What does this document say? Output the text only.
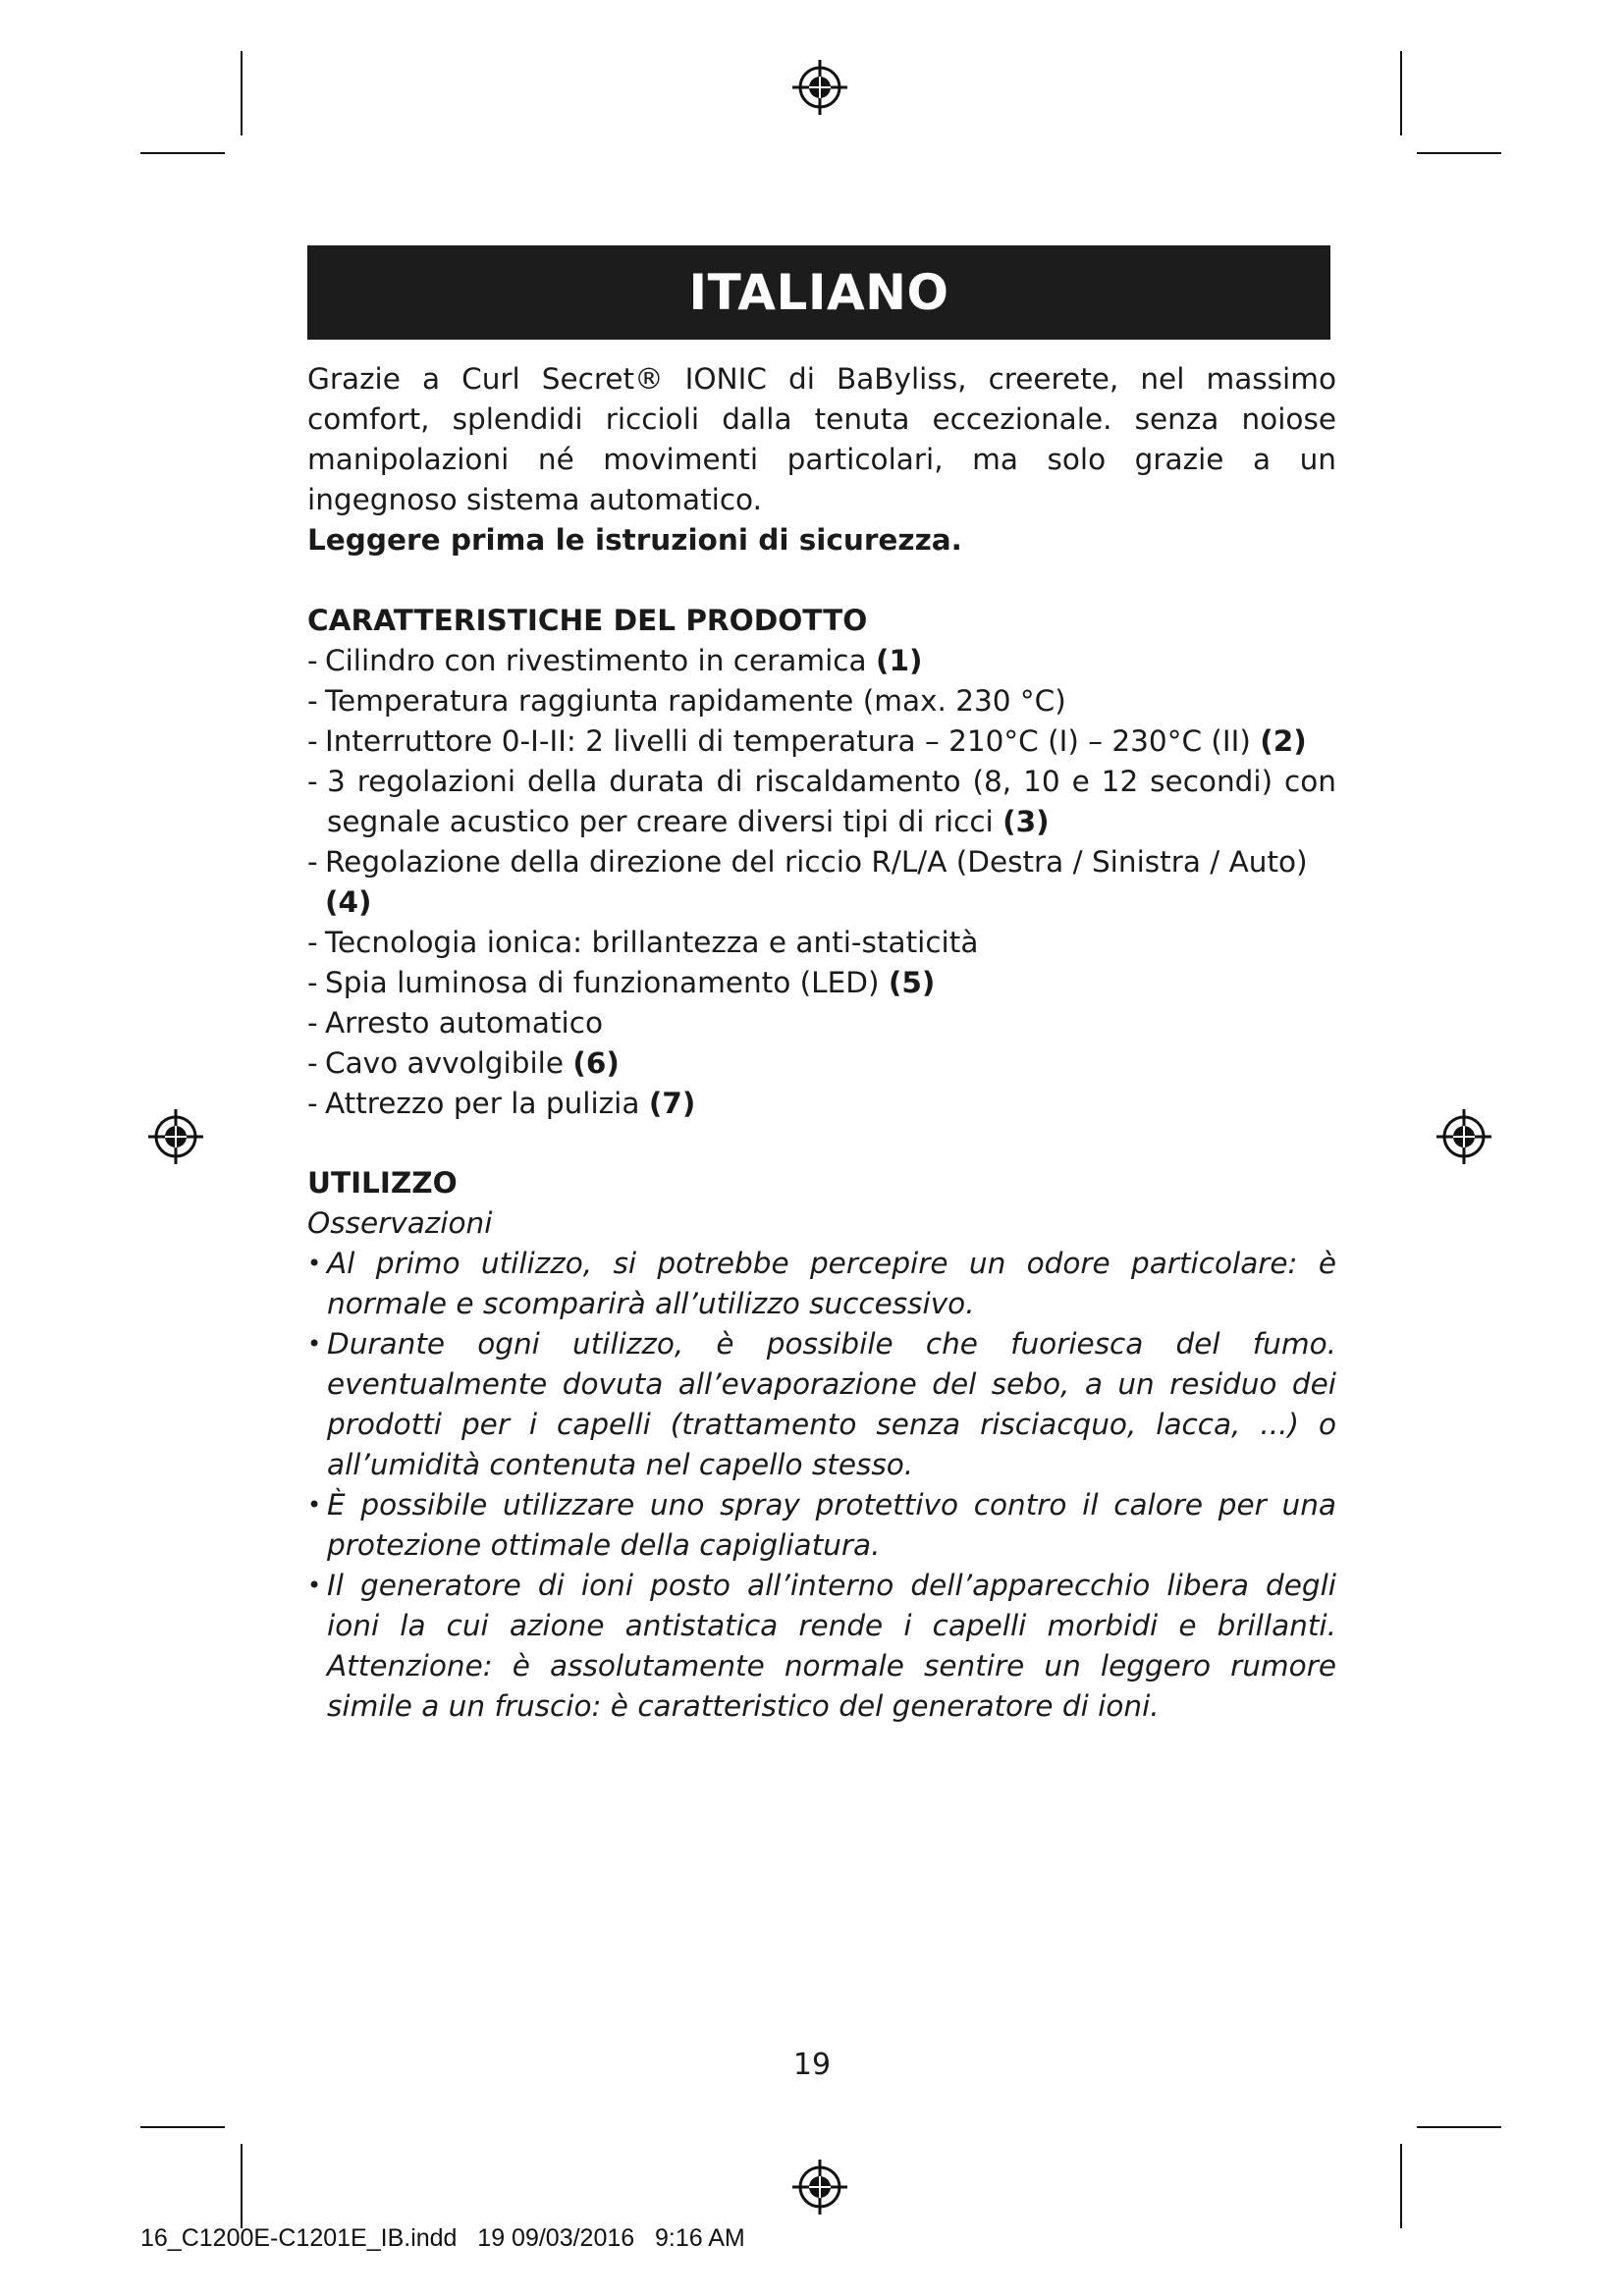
ITALIANO

Grazie a Curl Secret® IONIC di BaByliss, creerete, nel massimo comfort, splendidi riccioli dalla tenuta eccezionale. senza noiose manipolazioni né movimenti particolari, ma solo grazie a un ingegnoso sistema automatico.

Leggere prima le istruzioni di sicurezza.

CARATTERISTICHE DEL PRODOTTO

- Cilindro con rivestimento in ceramica (1)
- Temperatura raggiunta rapidamente (max. 230 °C)
- Interruttore 0-I-II: 2 livelli di temperatura – 210°C (I) – 230°C (II) (2)
- 3 regolazioni della durata di riscaldamento (8, 10 e 12 secondi) con segnale acustico per creare diversi tipi di ricci (3)
- Regolazione della direzione del riccio R/L/A (Destra / Sinistra / Auto) (4)
- Tecnologia ionica: brillantezza e anti-staticità
- Spia luminosa di funzionamento (LED) (5)
- Arresto automatico
- Cavo avvolgibile (6)
- Attrezzo per la pulizia (7)

UTILIZZO

Osservazioni

• Al primo utilizzo, si potrebbe percepire un odore particolare: è normale e scomparirà all’utilizzo successivo.
• Durante ogni utilizzo, è possibile che fuoriesca del fumo. eventualmente dovuta all’evaporazione del sebo, a un residuo dei prodotti per i capelli (trattamento senza risciacquo, lacca, ...) o all’umidità contenuta nel capello stesso.
• È possibile utilizzare uno spray protettivo contro il calore per una protezione ottimale della capigliatura.
• Il generatore di ioni posto all’interno dell’apparecchio libera degli ioni la cui azione antistatica rende i capelli morbidi e brillanti. Attenzione: è assolutamente normale sentire un leggero rumore simile a un fruscio: è caratteristico del generatore di ioni.
19
16_C1200E-C1201E_IB.indd   19 09/03/2016   9:16 AM
